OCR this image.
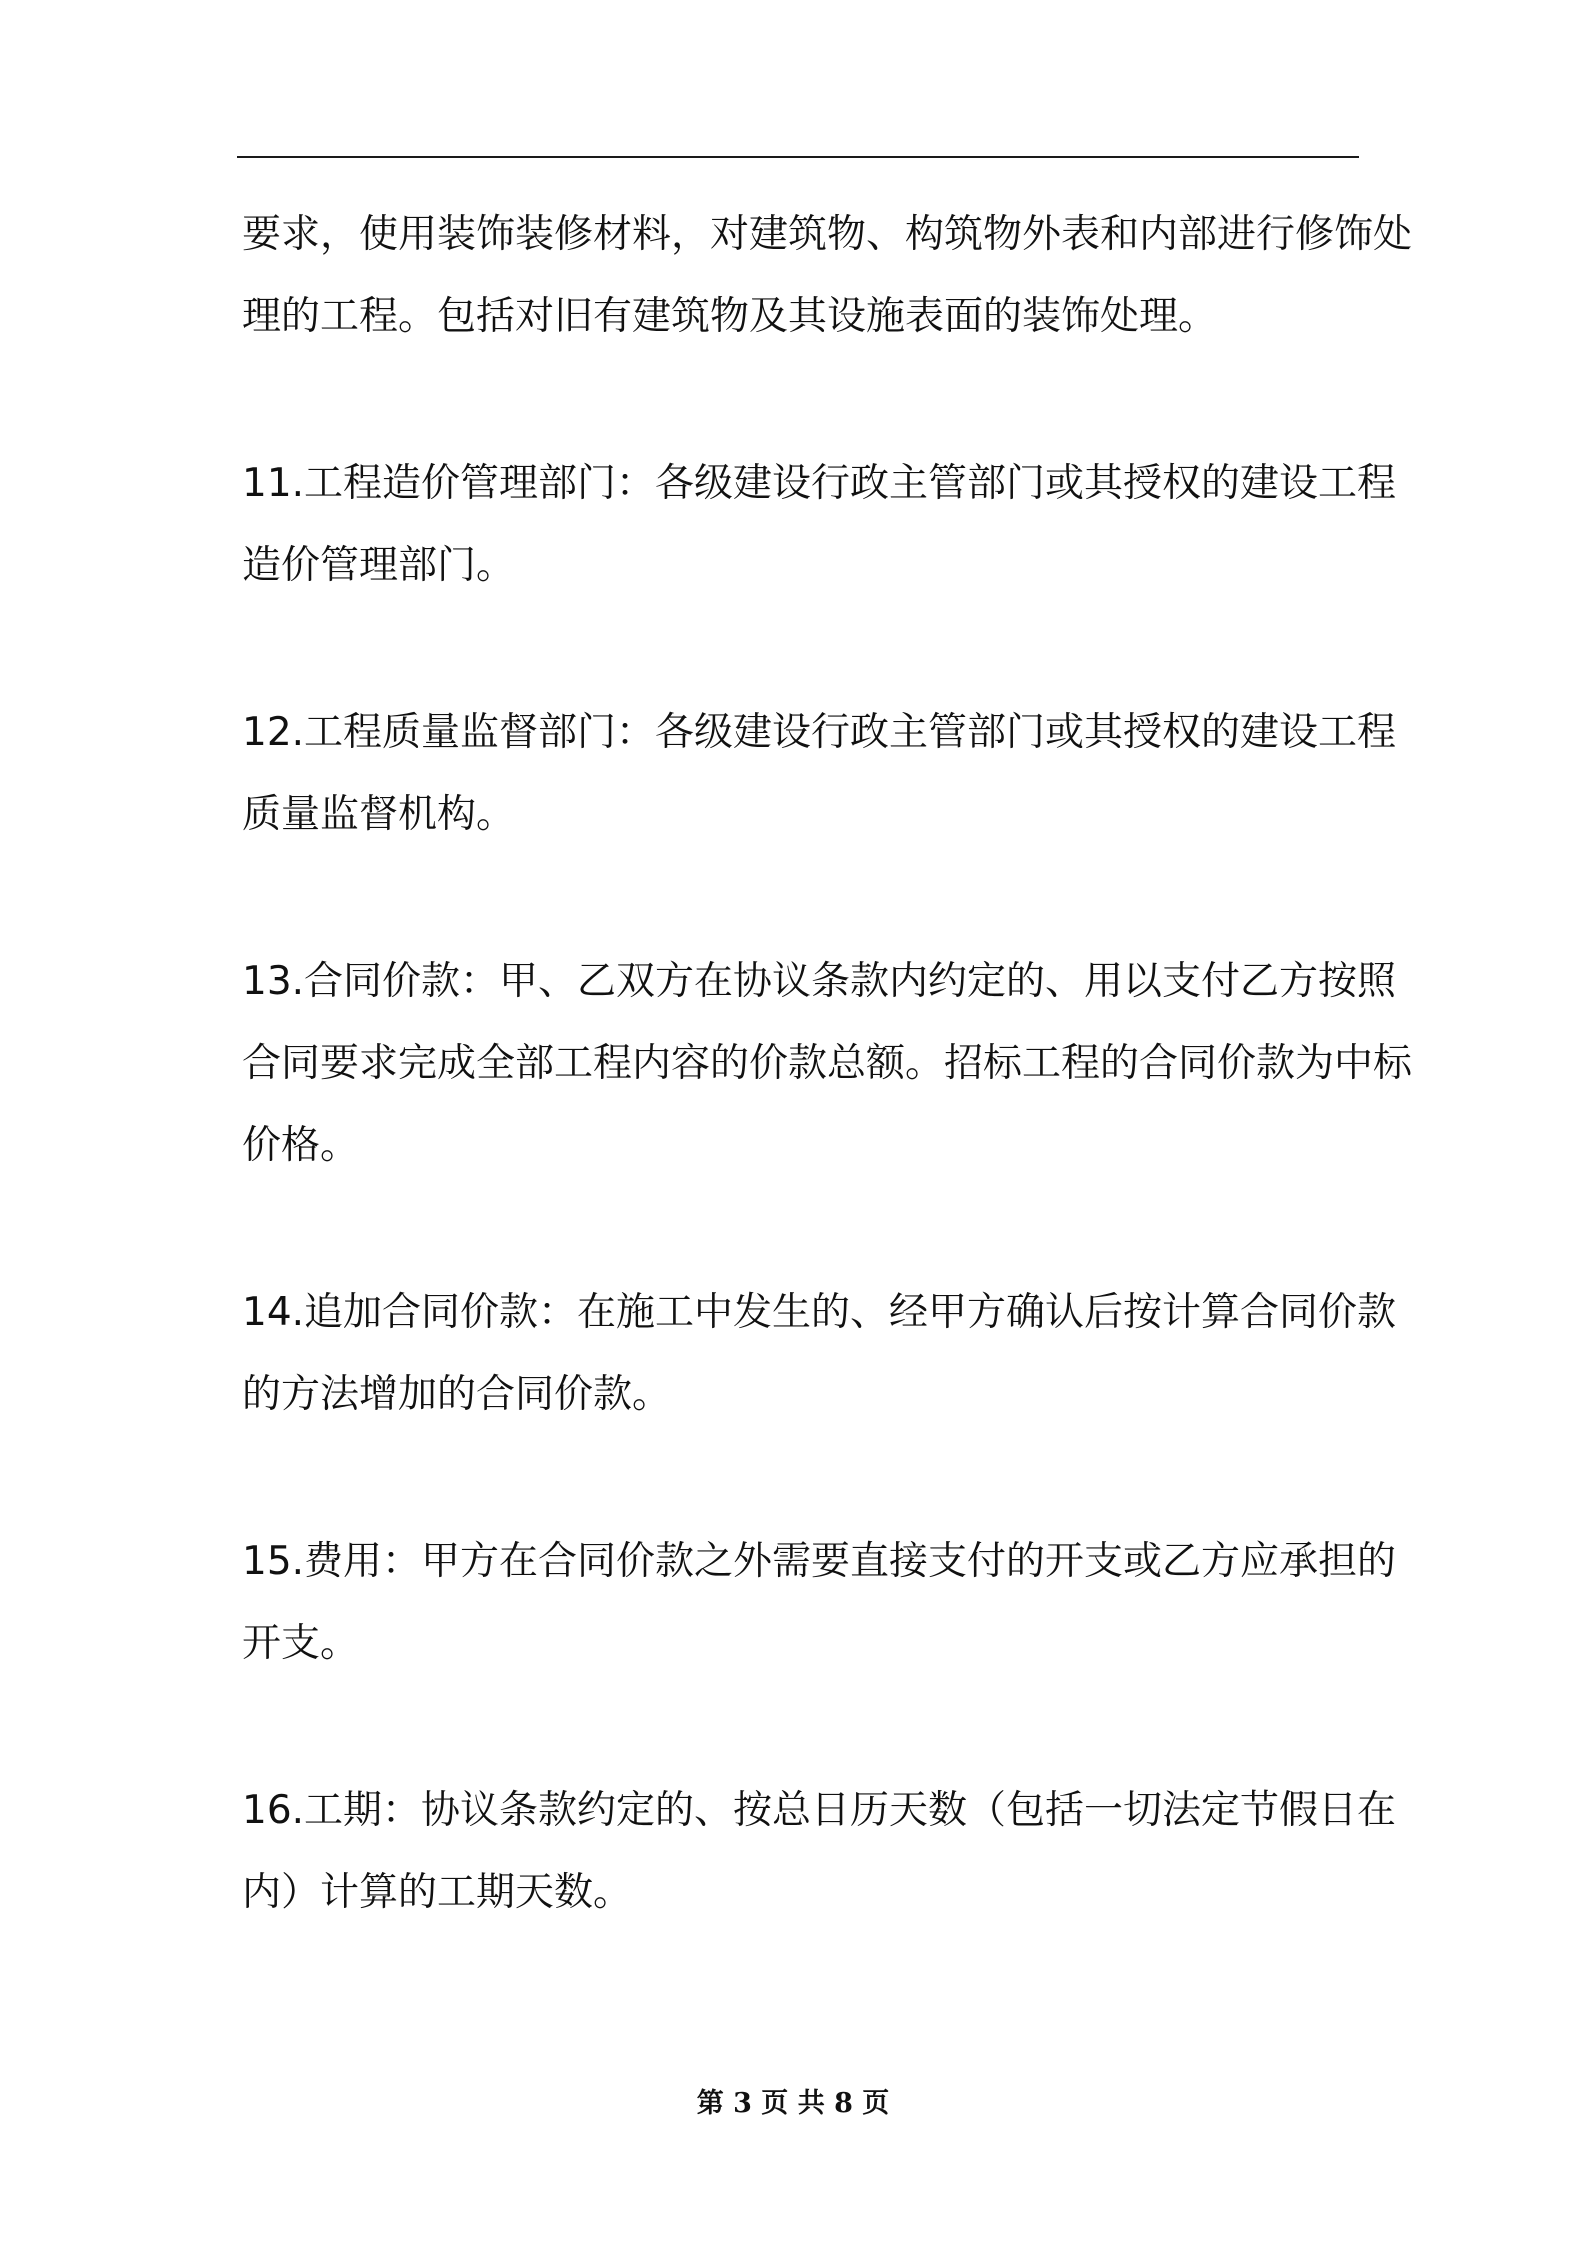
要求，使用装饰装修材料，对建筑物、构筑物外表和内部进行修饰处
理的工程。包括对旧有建筑物及其设施表面的装饰处理。
11.工程造价管理部门：各级建设行政主管部门或其授权的建设工程
造价管理部门。
12.工程质量监督部门：各级建设行政主管部门或其授权的建设工程
质量监督机构。
13.合同价款：甲、乙双方在协议条款内约定的、用以支付乙方按照
合同要求完成全部工程内容的价款总额。招标工程的合同价款为中标
价格。
14.追加合同价款：在施工中发生的、经甲方确认后按计算合同价款
的方法增加的合同价款。
15.费用：甲方在合同价款之外需要直接支付的开支或乙方应承担的
开支。
16.工期：协议条款约定的、按总日历天数（包括一切法定节假日在
内）计算的工期天数。
第 3 页 共 8 页
